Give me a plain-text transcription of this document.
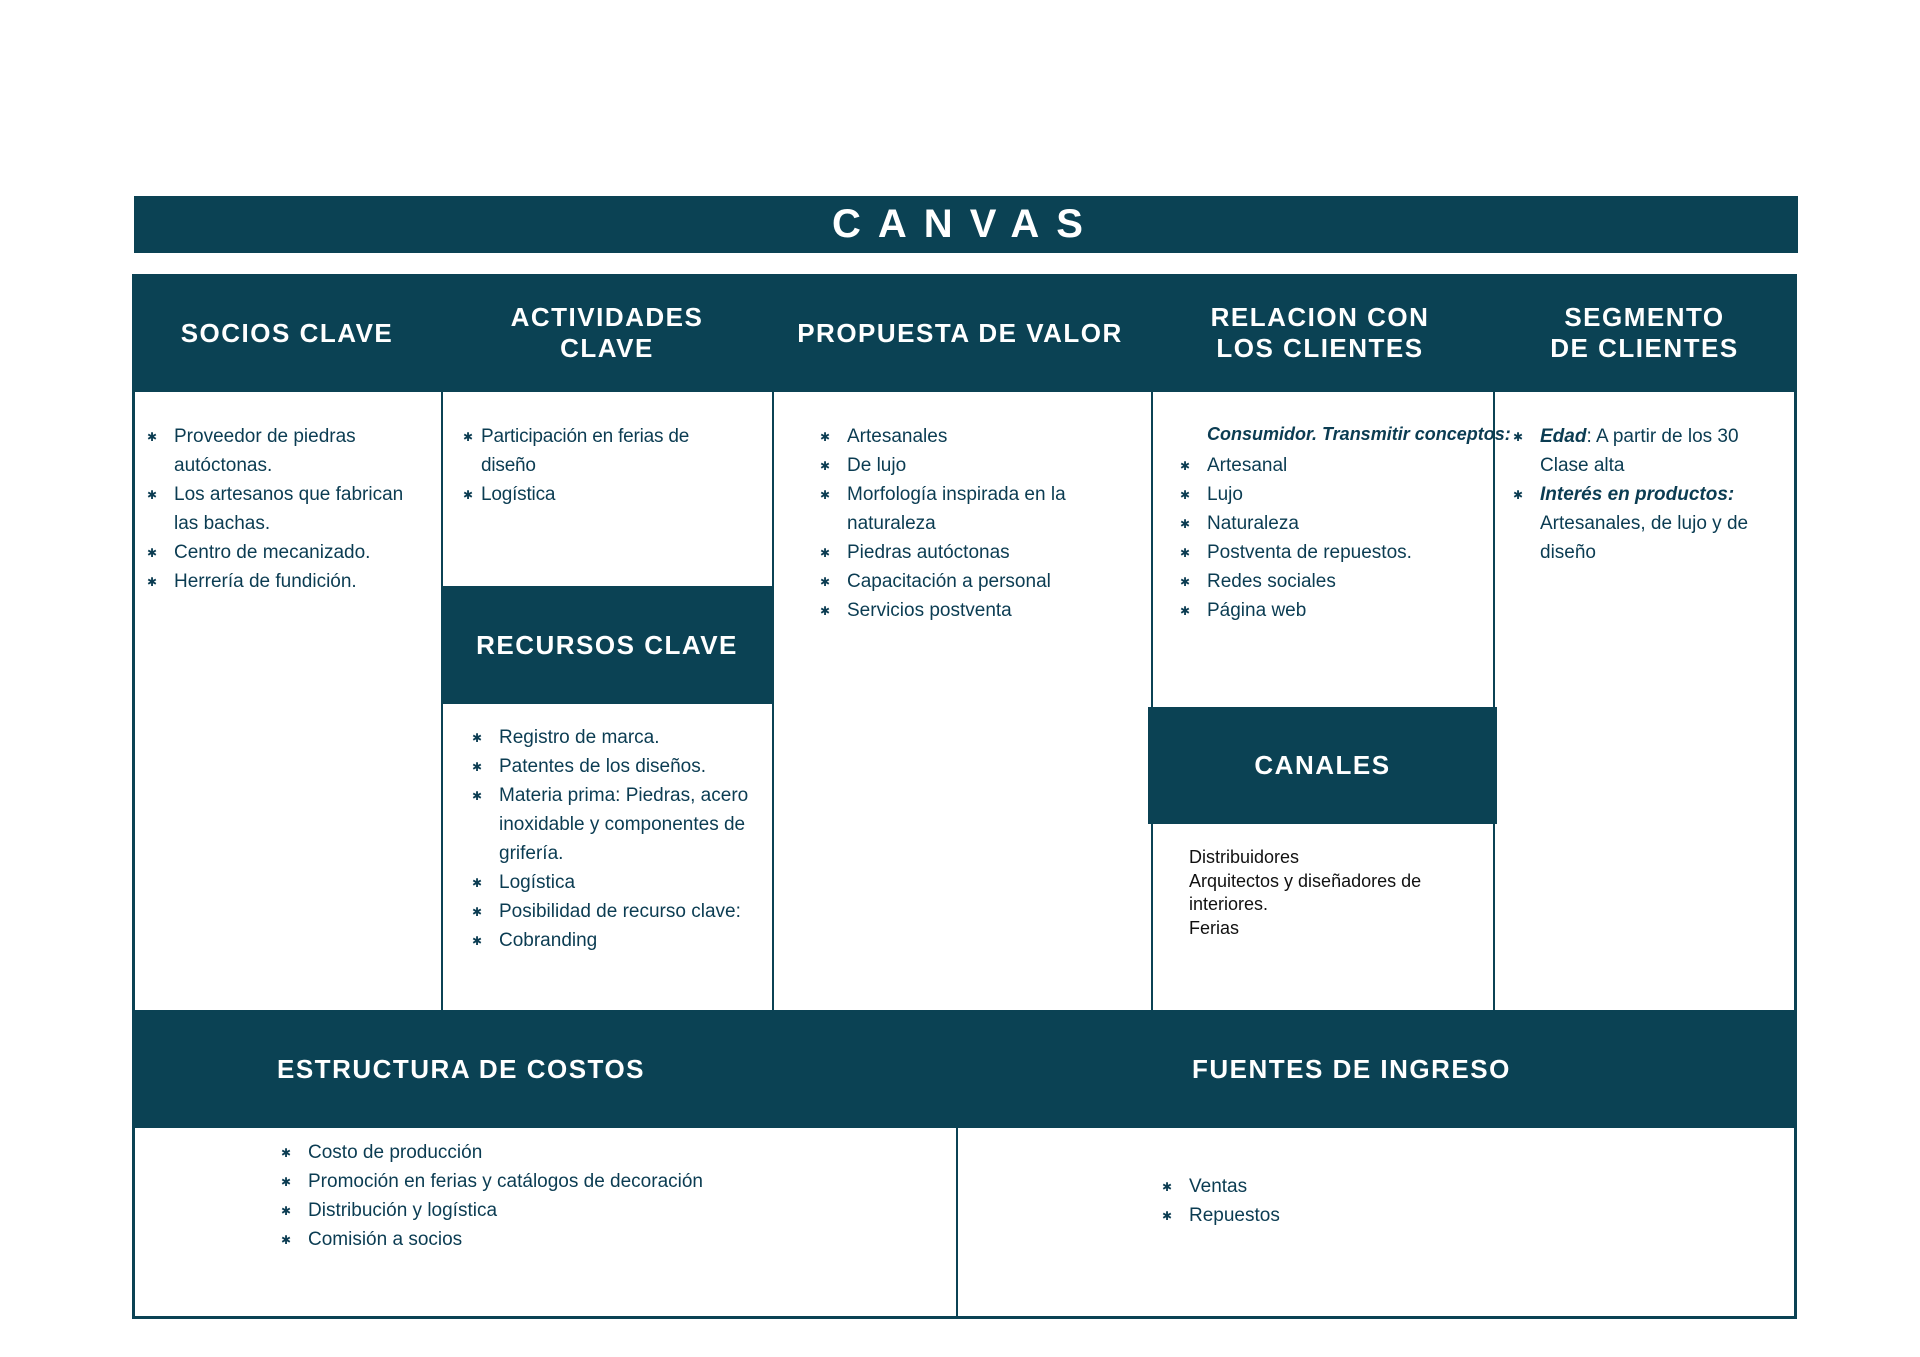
CANVAS
SOCIOS CLAVE
ACTIVIDADES
CLAVE
PROPUESTA DE VALOR
RELACION CON
LOS CLIENTES
SEGMENTO
DE CLIENTES
RECURSOS CLAVE
CANALES
ESTRUCTURA DE COSTOS	FUENTES DE INGRESO
✱ Proveedor de piedras autóctonas.
✱ Los artesanos que fabrican las bachas.
✱ Centro de mecanizado.
✱ Herrería de fundición.
✱ Participación en ferias de diseño
✱ Logística
✱ Registro de marca.
✱ Patentes de los diseños.
✱ Materia prima: Piedras, acero inoxidable y componentes de grifería.
✱ Logística
✱ Posibilidad de recurso clave:
✱ Cobranding
✱ Artesanales
✱ De lujo
✱ Morfología inspirada en la naturaleza
✱ Piedras autóctonas
✱ Capacitación a personal
✱ Servicios postventa
Consumidor. Transmitir conceptos:
✱ Artesanal
✱ Lujo
✱ Naturaleza
✱ Postventa de repuestos.
✱ Redes sociales
✱ Página web
Distribuidores
Arquitectos y diseñadores de
interiores.
Ferias
✱ Edad: A partir de los 30 Clase alta
✱ Interés en productos:
Artesanales, de lujo y de diseño
✱ Costo de producción
✱ Promoción en ferias y catálogos de decoración
✱ Distribución y logística
✱ Comisión a socios
✱ Ventas
✱ Repuestos
